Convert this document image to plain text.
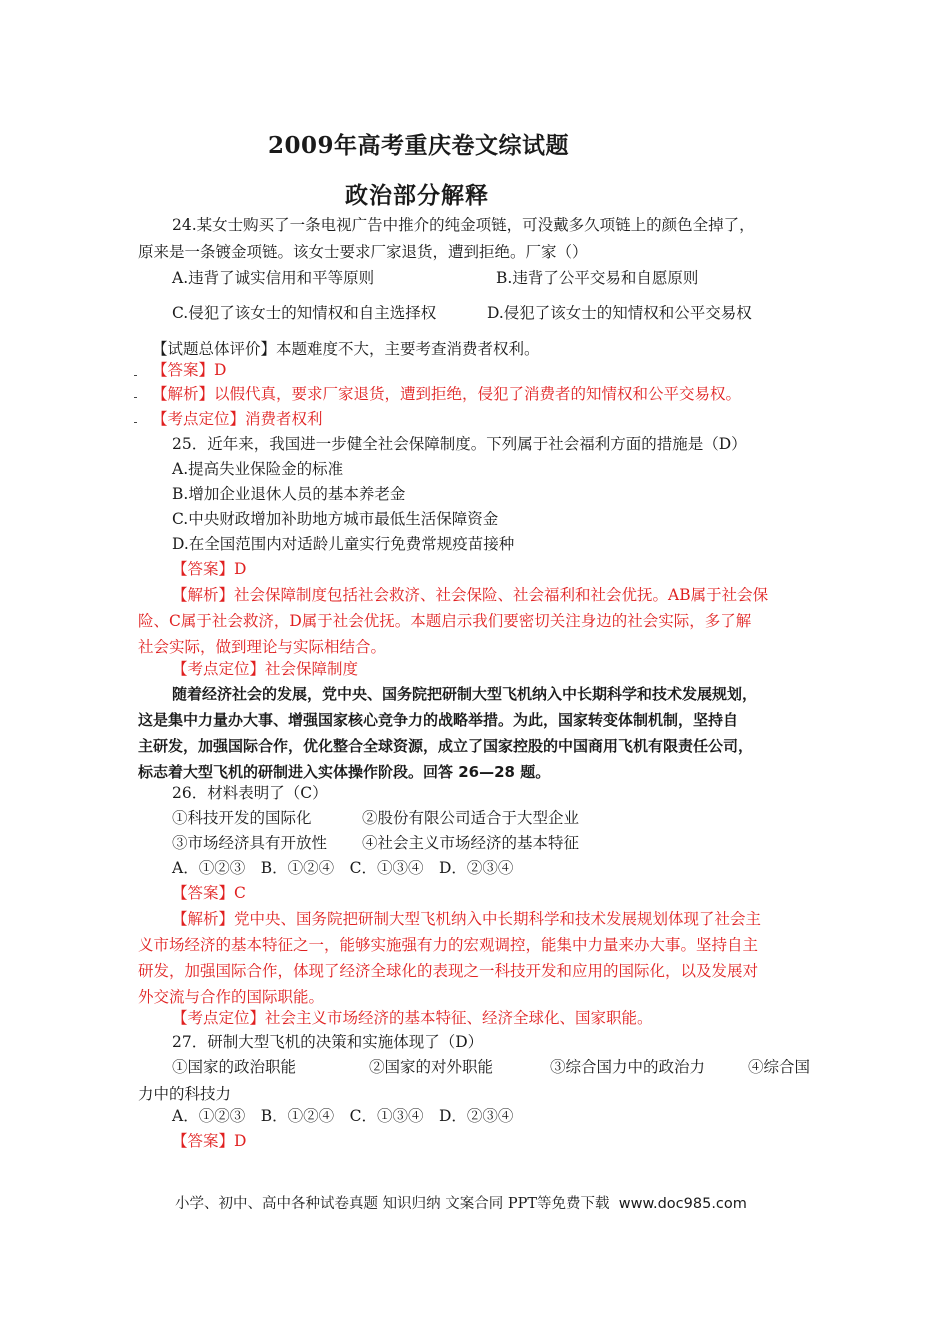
2009年高考重庆卷文综试题
政治部分解释
24.某女士购买了一条电视广告中推介的纯金项链，可没戴多久项链上的颜色全掉了，
原来是一条镀金项链。该女士要求厂家退货，遭到拒绝。厂家（）
A.违背了诚实信用和平等原则	B.违背了公平交易和自愿原则
C.侵犯了该女士的知情权和自主选择权	D.侵犯了该女士的知情权和公平交易权
【试题总体评价】本题难度不大，主要考查消费者权利。
【答案】D
【解析】以假代真，要求厂家退货，遭到拒绝，侵犯了消费者的知情权和公平交易权。
【考点定位】消费者权利
25．近年来，我国进一步健全社会保障制度。下列属于社会福利方面的措施是（D）
A.提高失业保险金的标准
B.增加企业退休人员的基本养老金
C.中央财政增加补助地方城市最低生活保障资金
D.在全国范围内对适龄儿童实行免费常规疫苗接种
【答案】D
【解析】社会保障制度包括社会救济、社会保险、社会福利和社会优抚。AB属于社会保
险、C属于社会救济，D属于社会优抚。本题启示我们要密切关注身边的社会实际，多了解
社会实际，做到理论与实际相结合。
【考点定位】社会保障制度
随着经济社会的发展，党中央、国务院把研制大型飞机纳入中长期科学和技术发展规划，
这是集中力量办大事、增强国家核心竞争力的战略举措。为此，国家转变体制机制，坚持自
主研发，加强国际合作，优化整合全球资源，成立了国家控股的中国商用飞机有限责任公司，
标志着大型飞机的研制进入实体操作阶段。回答 26—28 题。
26．材料表明了（C）
①科技开发的国际化	②股份有限公司适合于大型企业
③市场经济具有开放性 ④社会主义市场经济的基本特征
A．①②③　B．①②④　C．①③④　D．②③④
【答案】C
【解析】党中央、国务院把研制大型飞机纳入中长期科学和技术发展规划体现了社会主
义市场经济的基本特征之一，能够实施强有力的宏观调控，能集中力量来办大事。坚持自主
研发，加强国际合作，体现了经济全球化的表现之一科技开发和应用的国际化，以及发展对
外交流与合作的国际职能。
【考点定位】社会主义市场经济的基本特征、经济全球化、国家职能。
27．研制大型飞机的决策和实施体现了（D）
①国家的政治职能	②国家的对外职能	③综合国力中的政治力	④综合国
力中的科技力
A．①②③　B．①②④　C．①③④　D．②③④
【答案】D
小学、初中、高中各种试卷真题 知识归纳 文案合同 PPT等免费下载 www.doc985.com
